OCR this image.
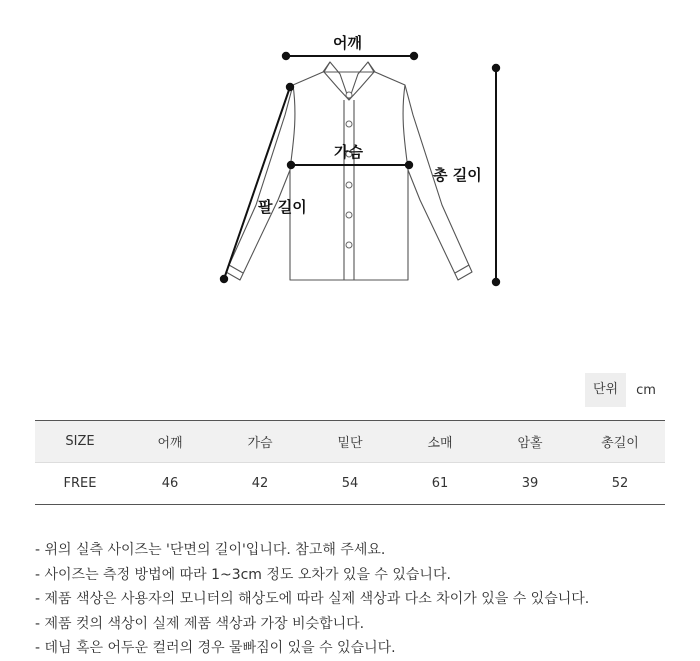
어깨
가슴
총 길이
팔 길이
단위	cm
SIZE	어깨	가슴	밑단	소매	암홀	총길이
FREE	46	42	54	61	39	52
- 위의 실측 사이즈는 '단면의 길이'입니다. 참고해 주세요.
- 사이즈는 측정 방법에 따라 1~3cm 정도 오차가 있을 수 있습니다.
- 제품 색상은 사용자의 모니터의 해상도에 따라 실제 색상과 다소 차이가 있을 수 있습니다.
- 제품 컷의 색상이 실제 제품 색상과 가장 비슷합니다.
- 데님 혹은 어두운 컬러의 경우 물빠짐이 있을 수 있습니다.
